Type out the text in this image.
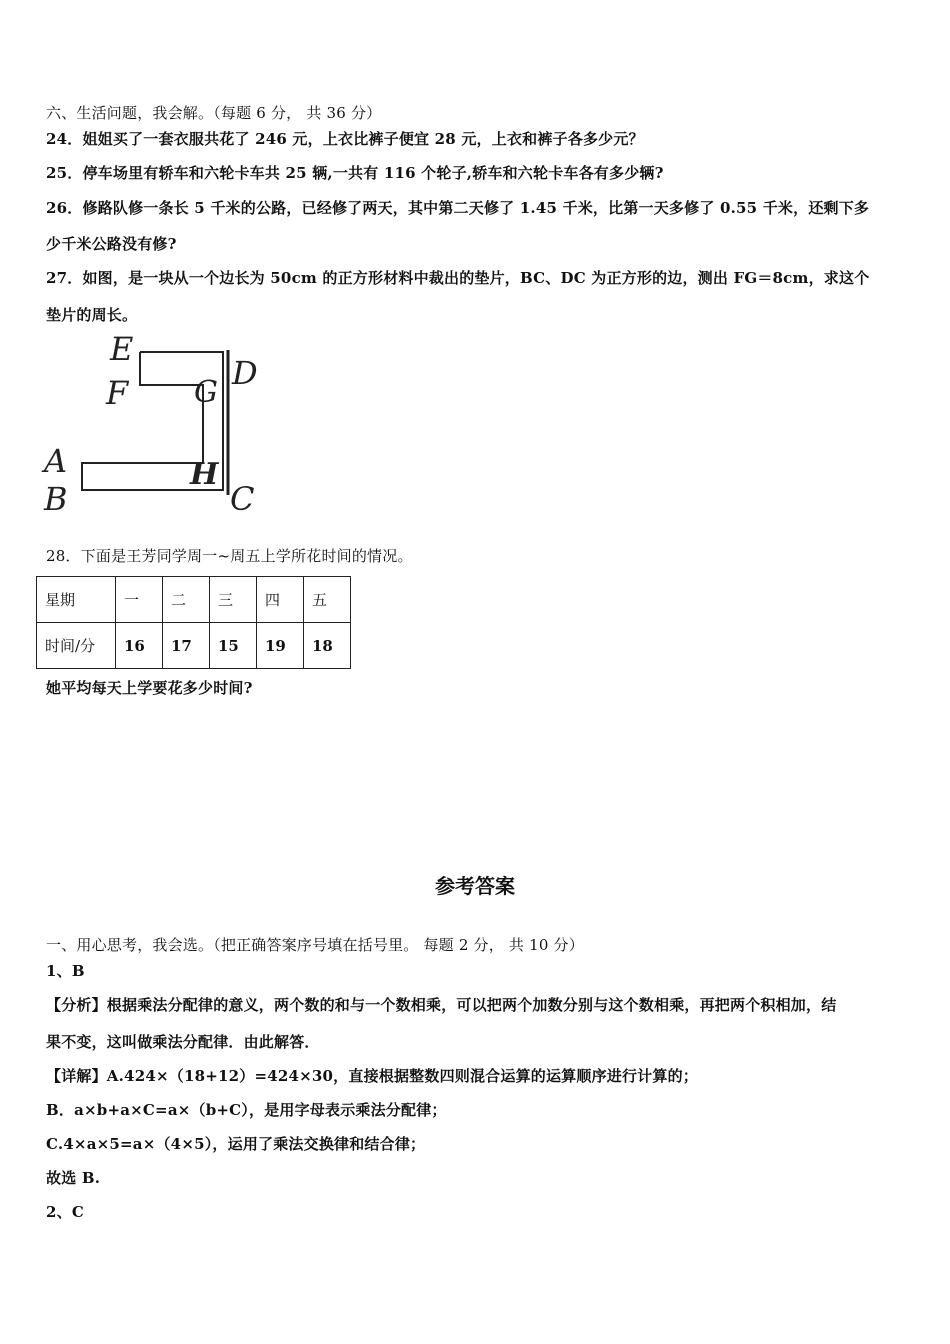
六、生活问题，我会解。（每题 6 分， 共 36 分）
24．姐姐买了一套衣服共花了 246 元，上衣比裤子便宜 28 元，上衣和裤子各多少元？
25．停车场里有轿车和六轮卡车共 25 辆,一共有 116 个轮子,轿车和六轮卡车各有多少辆?
26．修路队修一条长 5 千米的公路，已经修了两天，其中第二天修了 1.45 千米，比第一天多修了 0.55 千米，还剩下多
少千米公路没有修?
27．如图，是一块从一个边长为 50cm 的正方形材料中裁出的垫片，BC、DC 为正方形的边，测出 FG＝8cm，求这个
垫片的周长。
E
F G
D
A
B
H
C
28．下面是王芳同学周一~周五上学所花时间的情况。
星期	一	二	三	四	五
时间/分	16	17	15	19	18
她平均每天上学要花多少时间?
参考答案
一、用心思考，我会选。（把正确答案序号填在括号里。 每题 2 分， 共 10 分）
1、B
【分析】根据乘法分配律的意义，两个数的和与一个数相乘，可以把两个加数分别与这个数相乘，再把两个积相加，结
果不变，这叫做乘法分配律．由此解答．
【详解】A.424×（18+12）=424×30，直接根据整数四则混合运算的运算顺序进行计算的；
B．a×b+a×C=a×（b+C），是用字母表示乘法分配律；
C.4×a×5=a×（4×5），运用了乘法交换律和结合律；
故选 B.
2、C
